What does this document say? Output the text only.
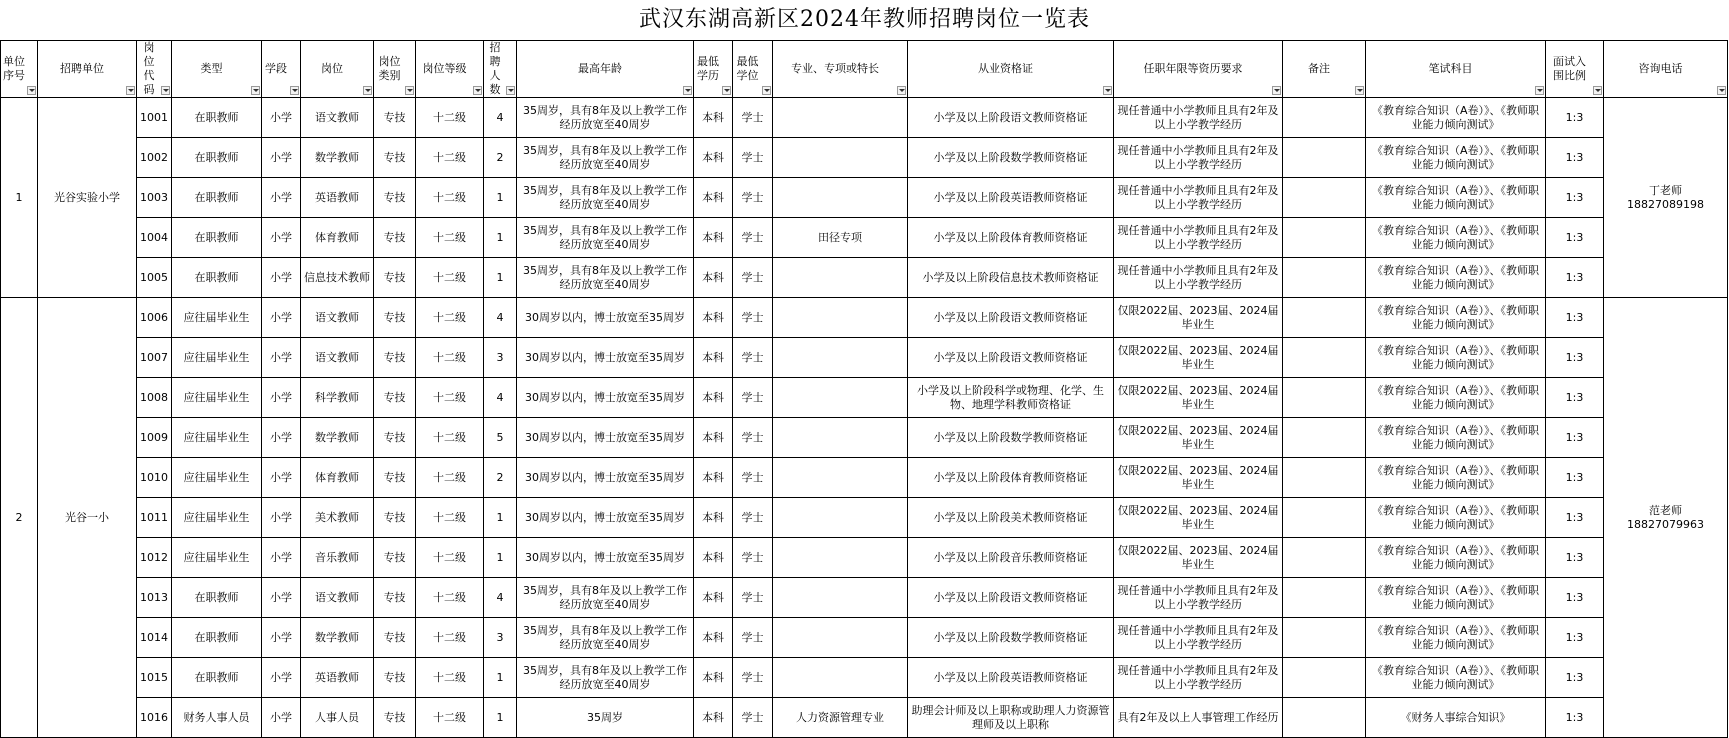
武汉东湖高新区2024年教师招聘岗位一览表
单位序号	招聘单位	岗位代码	类型	学段	岗位	岗位类别	岗位等级	招聘人数	最高年龄	最低学历	最低学位	专业、专项或特长	从业资格证	任职年限等资历要求	备注	笔试科目	面试入围比例	咨询电话

1	光谷实验小学	1001	在职教师	小学	语文教师	专技	十二级	4	35周岁，具有8年及以上教学工作经历放宽至40周岁	本科	学士		小学及以上阶段语文教师资格证	现任普通中小学教师且具有2年及以上小学教学经历		《教育综合知识（A卷）》、《教师职业能力倾向测试》	1:3	丁老师
18827089198

		1002	在职教师	小学	数学教师	专技	十二级	2	35周岁，具有8年及以上教学工作经历放宽至40周岁	本科	学士		小学及以上阶段数学教师资格证	现任普通中小学教师且具有2年及以上小学教学经历		《教育综合知识（A卷）》、《教师职业能力倾向测试》	1:3	
		1003	在职教师	小学	英语教师	专技	十二级	1	35周岁，具有8年及以上教学工作经历放宽至40周岁	本科	学士		小学及以上阶段英语教师资格证	现任普通中小学教师且具有2年及以上小学教学经历		《教育综合知识（A卷）》、《教师职业能力倾向测试》	1:3	
		1004	在职教师	小学	体育教师	专技	十二级	1	35周岁，具有8年及以上教学工作经历放宽至40周岁	本科	学士	田径专项	小学及以上阶段体育教师资格证	现任普通中小学教师且具有2年及以上小学教学经历		《教育综合知识（A卷）》、《教师职业能力倾向测试》	1:3	
		1005	在职教师	小学	信息技术教师	专技	十二级	1	35周岁，具有8年及以上教学工作经历放宽至40周岁	本科	学士		小学及以上阶段信息技术教师资格证	现任普通中小学教师且具有2年及以上小学教学经历		《教育综合知识（A卷）》、《教师职业能力倾向测试》	1:3	
2	光谷一小	1006	应往届毕业生	小学	语文教师	专技	十二级	4	30周岁以内，博士放宽至35周岁	本科	学士		小学及以上阶段语文教师资格证	仅限2022届、2023届、2024届毕业生		《教育综合知识（A卷）》、《教师职业能力倾向测试》	1:3	范老师
18827079963

		1007	应往届毕业生	小学	语文教师	专技	十二级	3	30周岁以内，博士放宽至35周岁	本科	学士		小学及以上阶段语文教师资格证	仅限2022届、2023届、2024届毕业生		《教育综合知识（A卷）》、《教师职业能力倾向测试》	1:3	
		1008	应往届毕业生	小学	科学教师	专技	十二级	4	30周岁以内，博士放宽至35周岁	本科	学士		小学及以上阶段科学或物理、化学、生物、地理学科教师资格证	仅限2022届、2023届、2024届毕业生		《教育综合知识（A卷）》、《教师职业能力倾向测试》	1:3	
		1009	应往届毕业生	小学	数学教师	专技	十二级	5	30周岁以内，博士放宽至35周岁	本科	学士		小学及以上阶段数学教师资格证	仅限2022届、2023届、2024届毕业生		《教育综合知识（A卷）》、《教师职业能力倾向测试》	1:3	
		1010	应往届毕业生	小学	体育教师	专技	十二级	2	30周岁以内，博士放宽至35周岁	本科	学士		小学及以上阶段体育教师资格证	仅限2022届、2023届、2024届毕业生		《教育综合知识（A卷）》、《教师职业能力倾向测试》	1:3	
		1011	应往届毕业生	小学	美术教师	专技	十二级	1	30周岁以内，博士放宽至35周岁	本科	学士		小学及以上阶段美术教师资格证	仅限2022届、2023届、2024届毕业生		《教育综合知识（A卷）》、《教师职业能力倾向测试》	1:3	
		1012	应往届毕业生	小学	音乐教师	专技	十二级	1	30周岁以内，博士放宽至35周岁	本科	学士		小学及以上阶段音乐教师资格证	仅限2022届、2023届、2024届毕业生		《教育综合知识（A卷）》、《教师职业能力倾向测试》	1:3	
		1013	在职教师	小学	语文教师	专技	十二级	4	35周岁，具有8年及以上教学工作经历放宽至40周岁	本科	学士		小学及以上阶段语文教师资格证	现任普通中小学教师且具有2年及以上小学教学经历		《教育综合知识（A卷）》、《教师职业能力倾向测试》	1:3	
		1014	在职教师	小学	数学教师	专技	十二级	3	35周岁，具有8年及以上教学工作经历放宽至40周岁	本科	学士		小学及以上阶段数学教师资格证	现任普通中小学教师且具有2年及以上小学教学经历		《教育综合知识（A卷）》、《教师职业能力倾向测试》	1:3	
		1015	在职教师	小学	英语教师	专技	十二级	1	35周岁，具有8年及以上教学工作经历放宽至40周岁	本科	学士		小学及以上阶段英语教师资格证	现任普通中小学教师且具有2年及以上小学教学经历		《教育综合知识（A卷）》、《教师职业能力倾向测试》	1:3	
		1016	财务人事人员	小学	人事人员	专技	十二级	1	35周岁	本科	学士	人力资源管理专业	助理会计师及以上职称或助理人力资源管理师及以上职称	具有2年及以上人事管理工作经历		《财务人事综合知识》	1:3	
